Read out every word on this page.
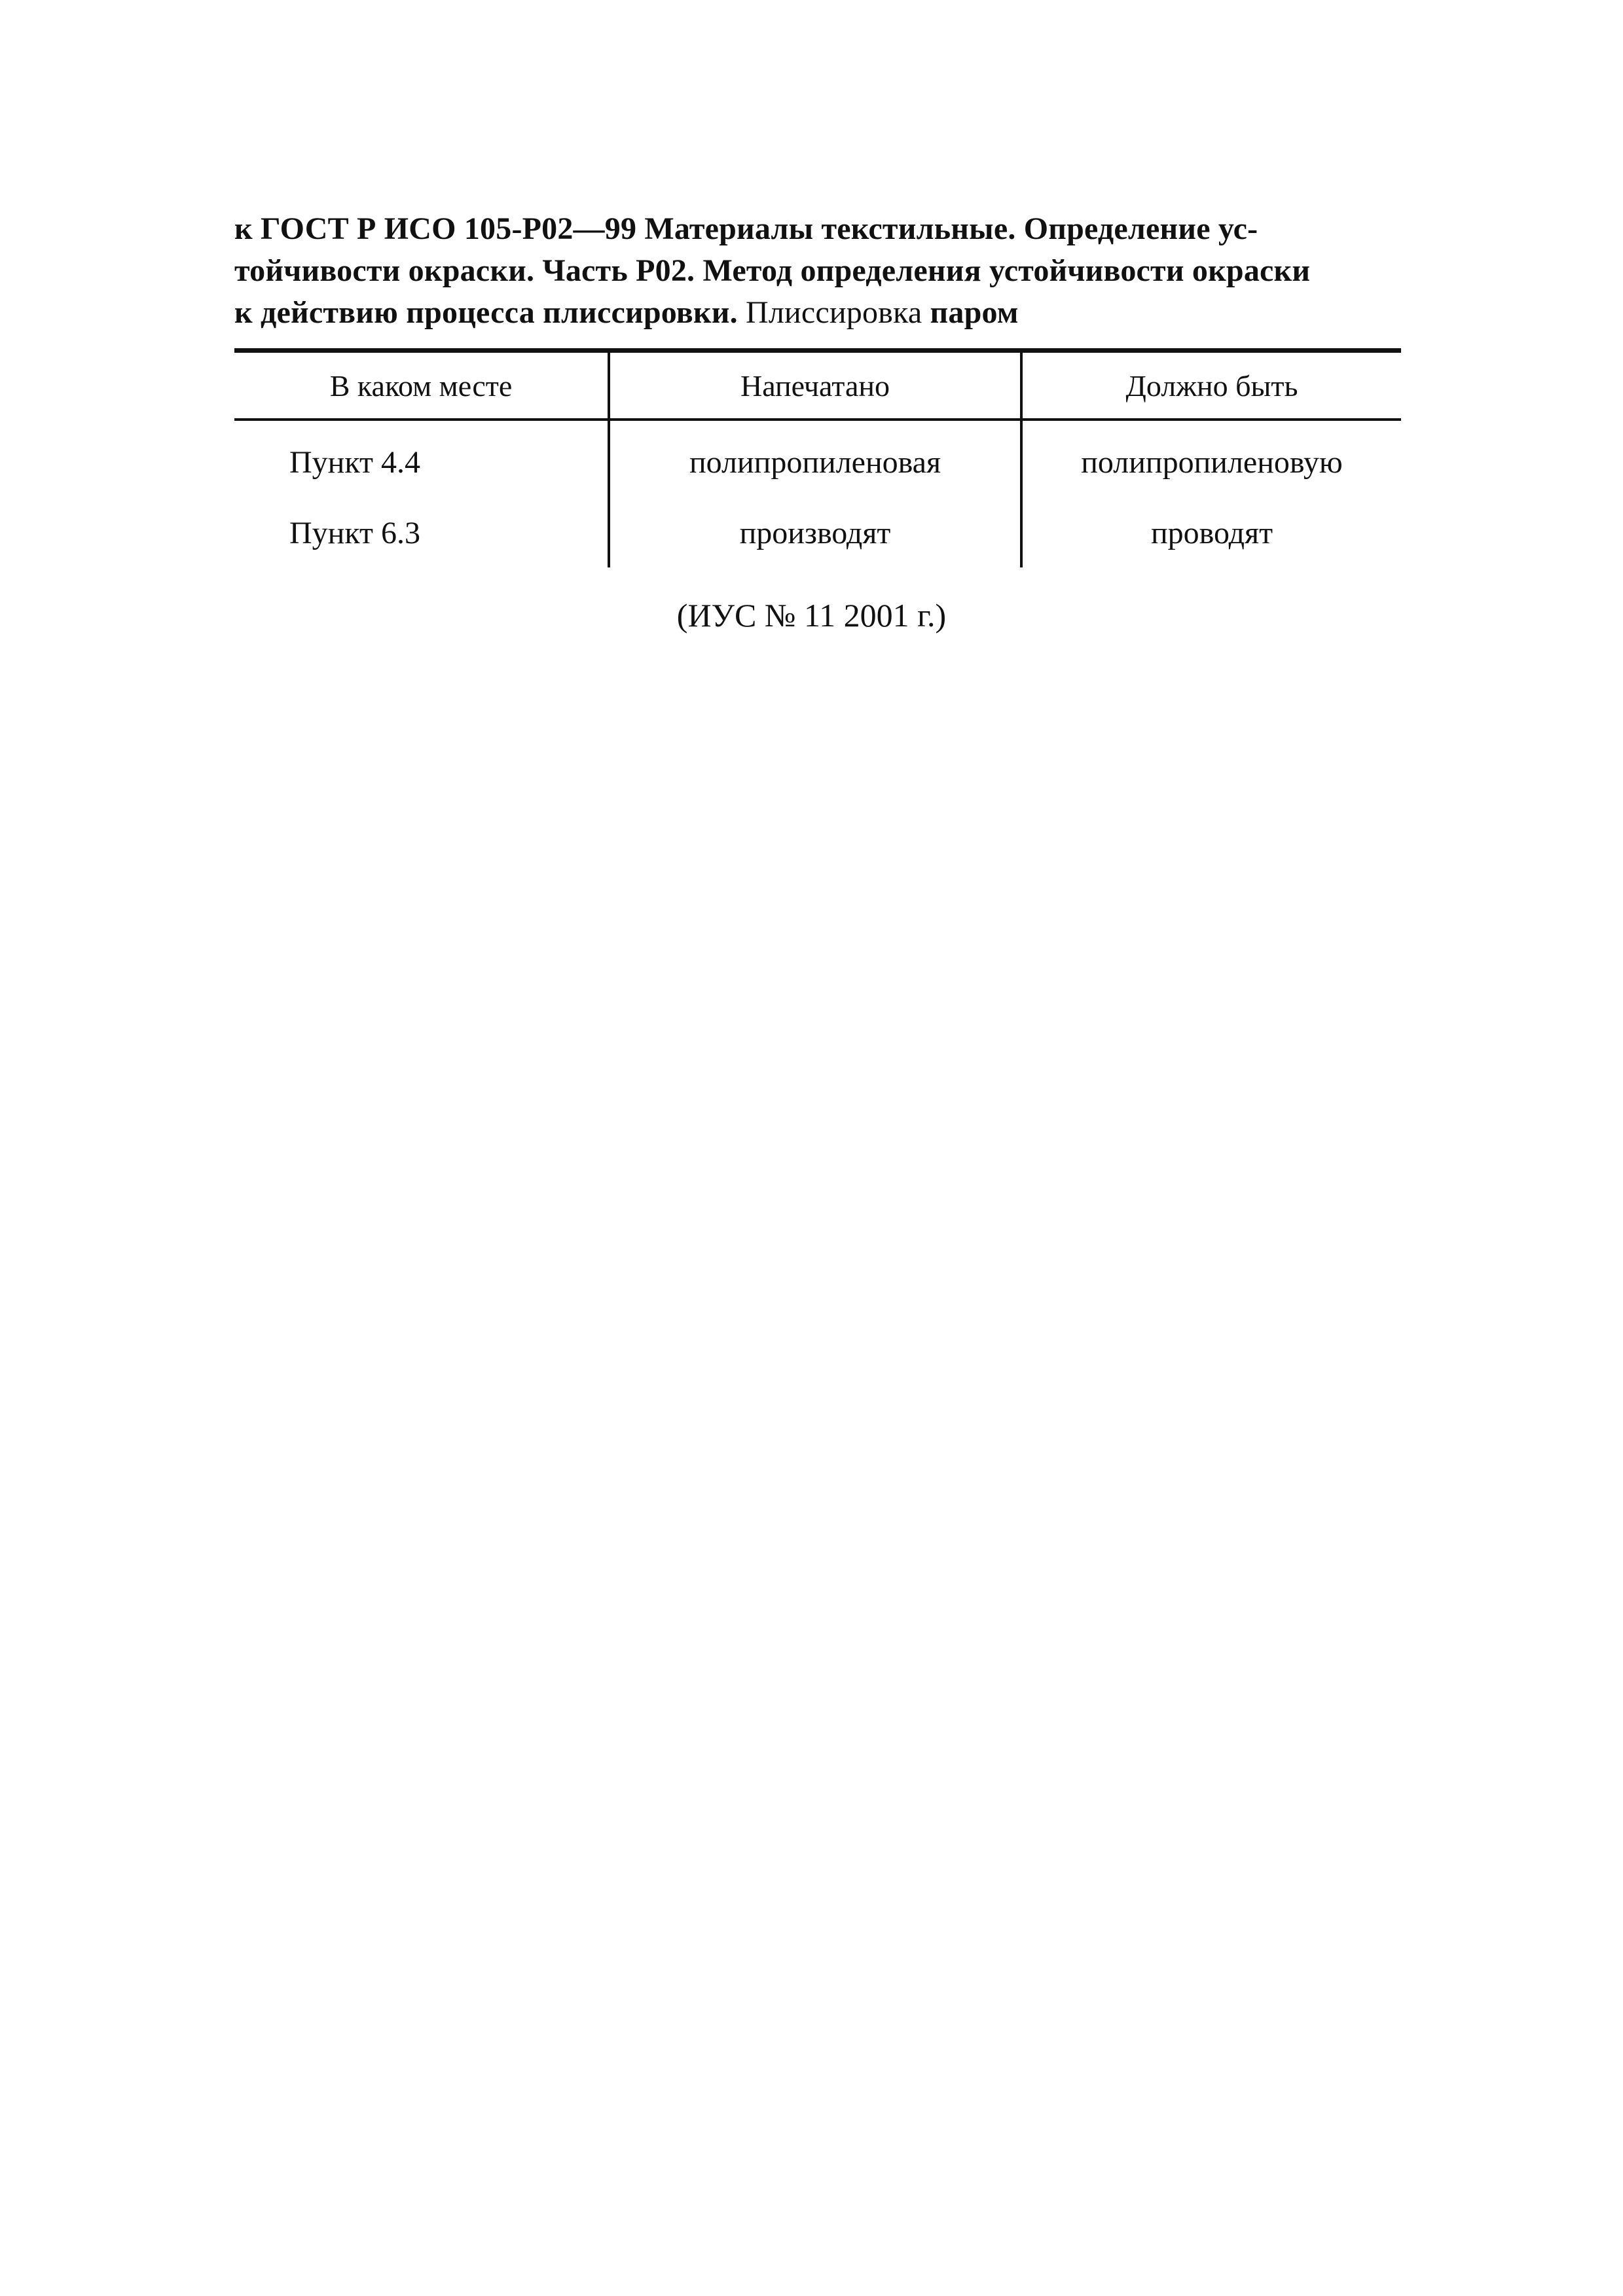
к ГОСТ Р ИСО 105-Р02—99 Материалы текстильные. Определение ус-
тойчивости окраски. Часть Р02. Метод определения устойчивости окраски
к действию процесса плиссировки. Плиссировка паром
В каком месте	Напечатано	Должно быть
Пункт 4.4	полипропиленовая	полипропиленовую
Пункт 6.3	производят	проводят
(ИУС № 11 2001 г.)
